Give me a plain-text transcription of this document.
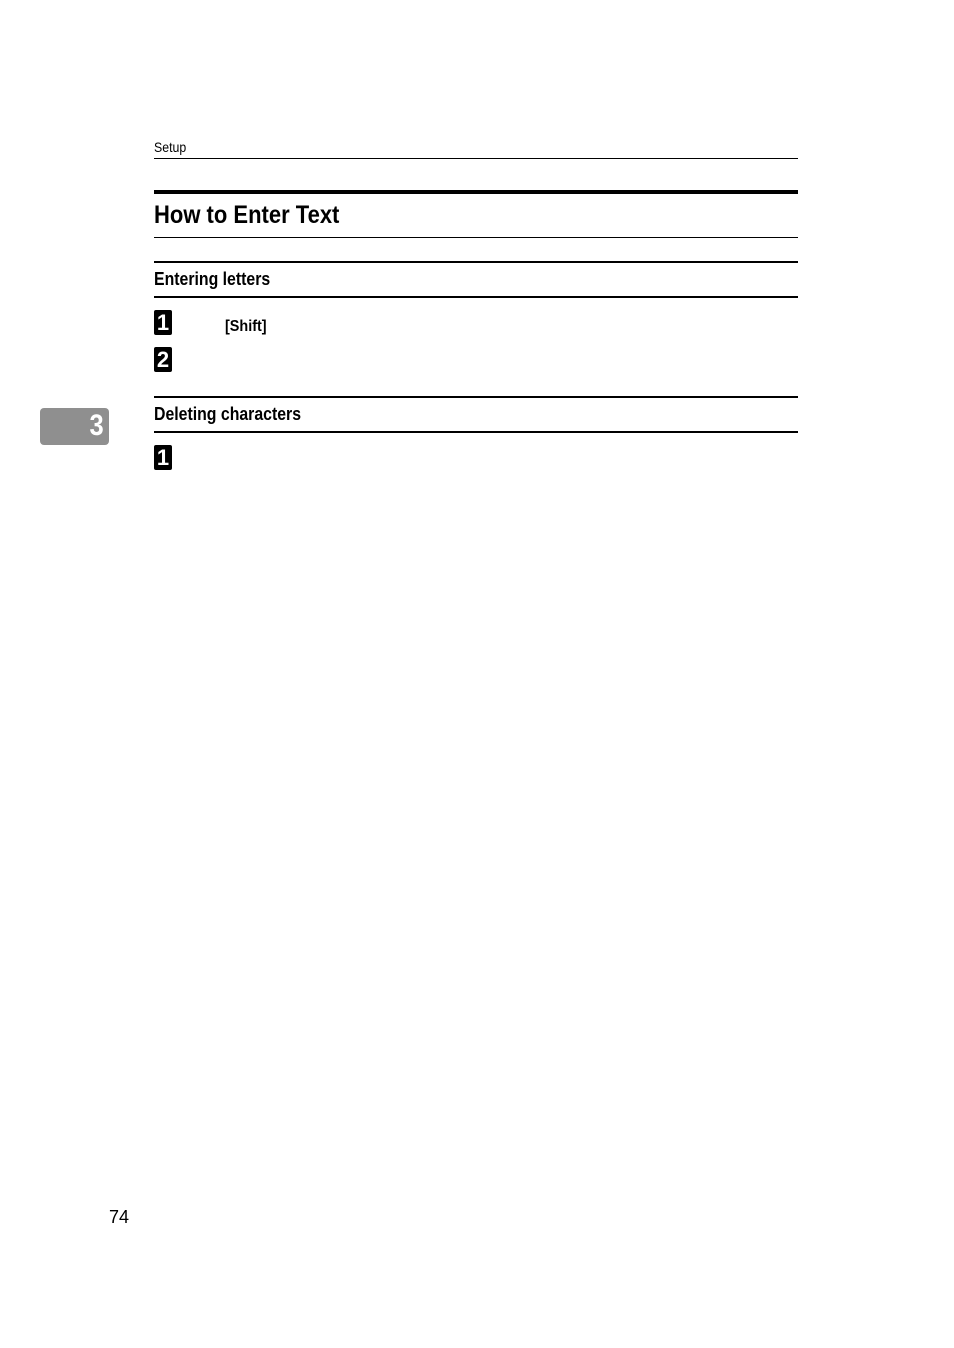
Setup
How to Enter Text
Entering letters
1	[Shift]
2
Deleting characters
1
3
74
